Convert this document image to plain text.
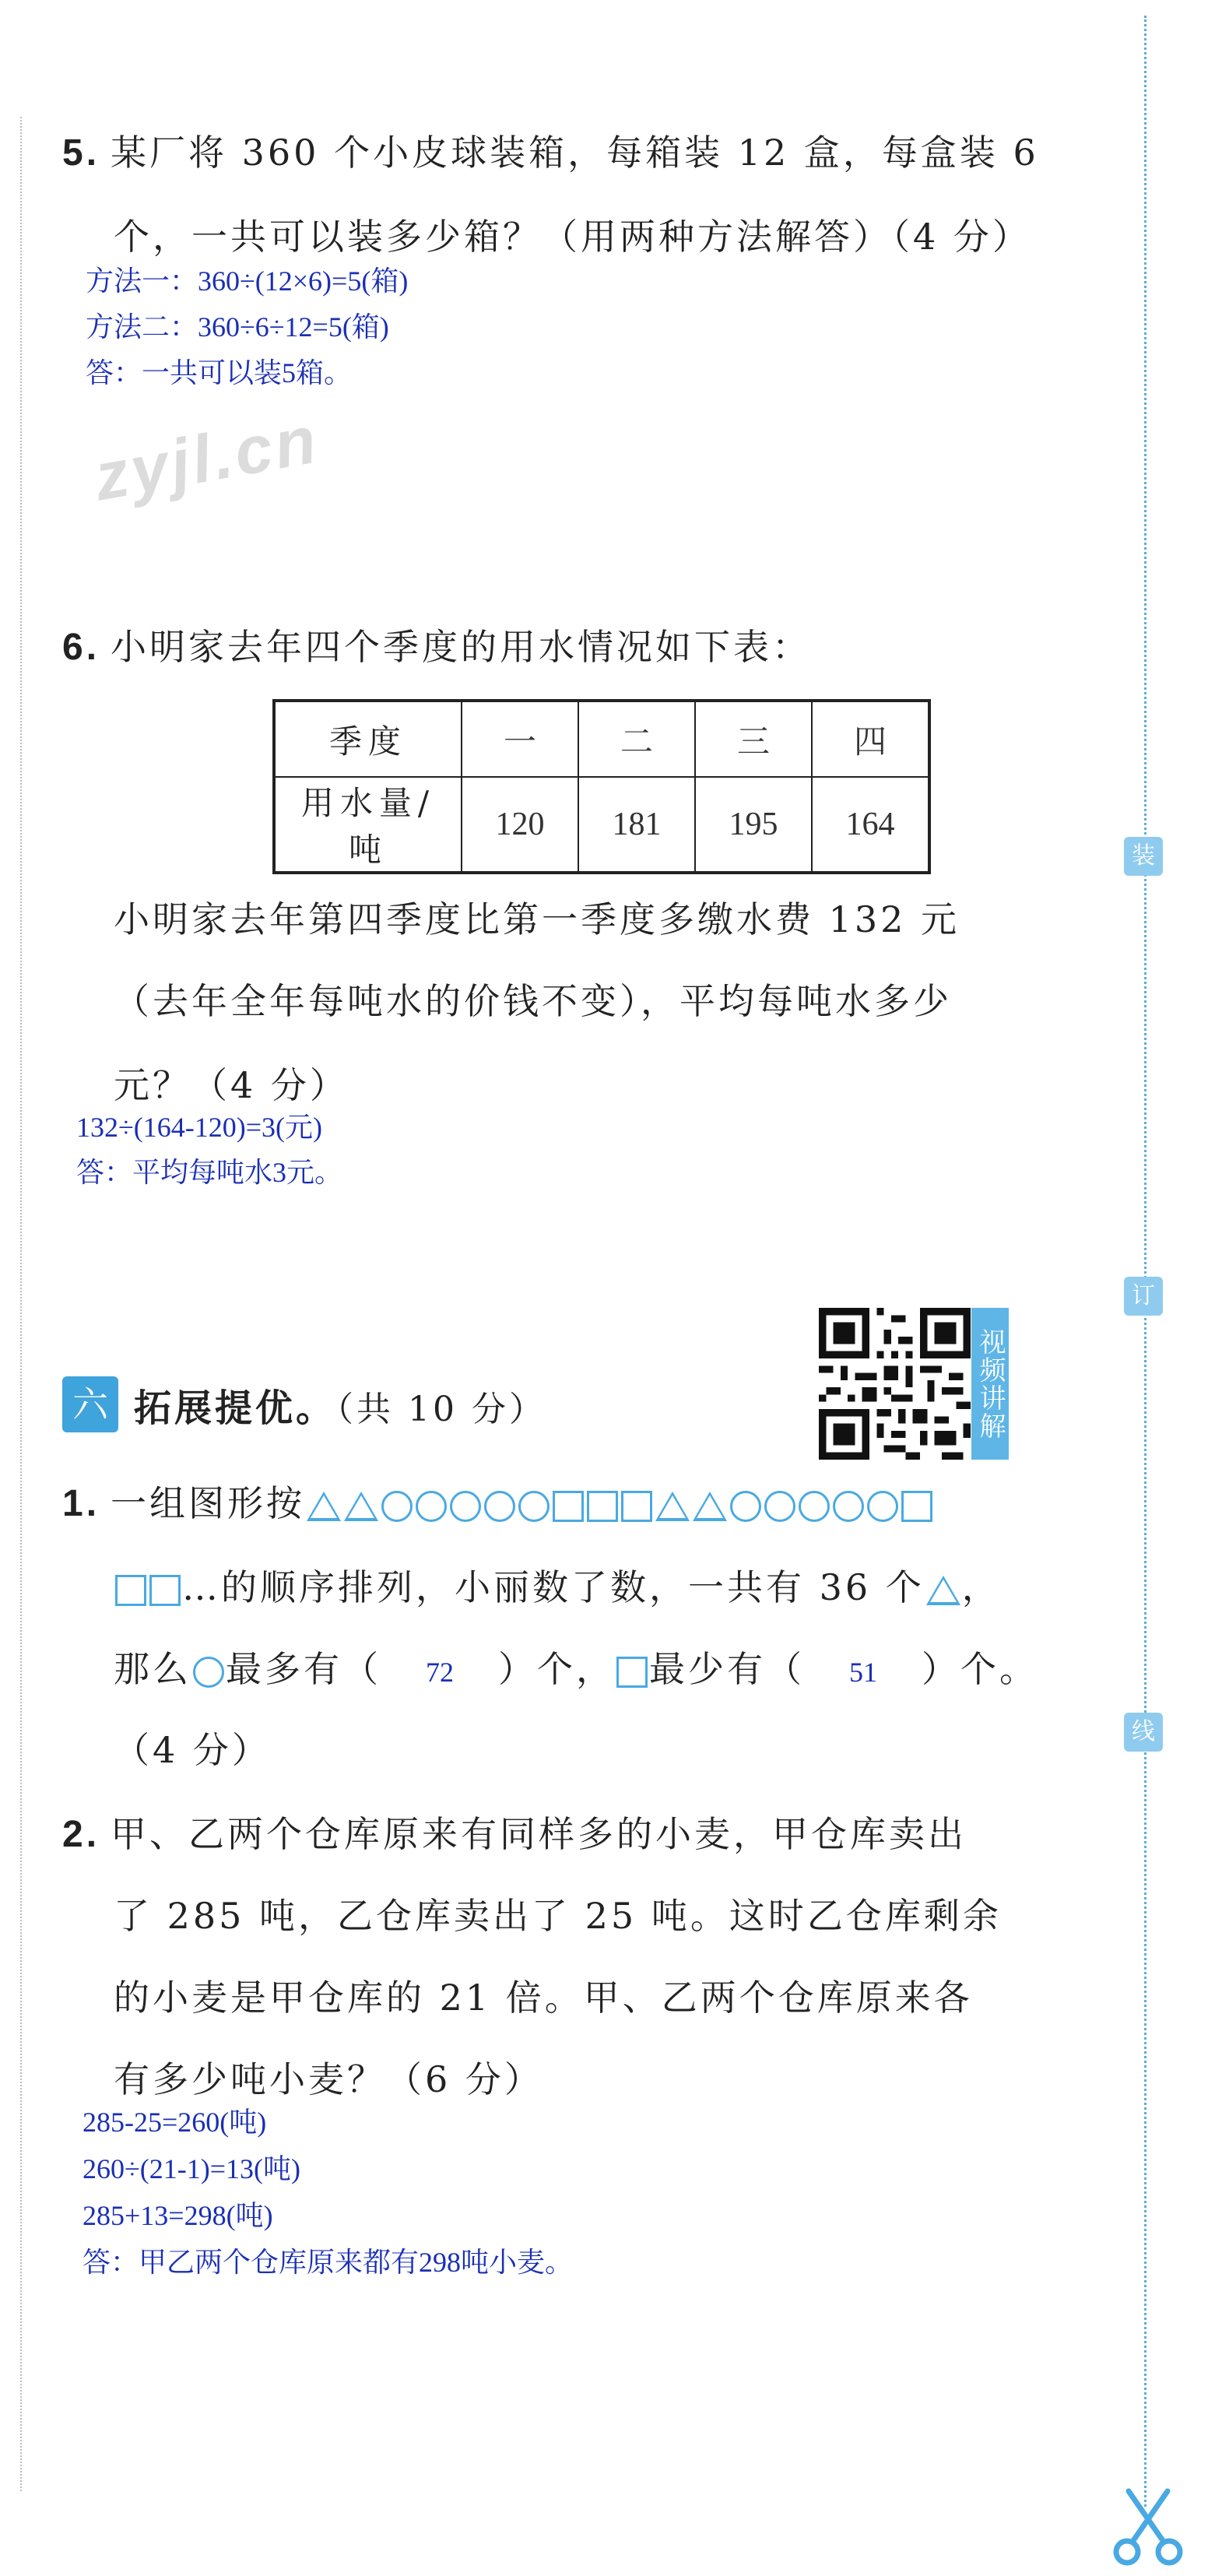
装
订
线
5. 某厂将 360 个小皮球装箱，每箱装 12 盒，每盒装 6
个，一共可以装多少箱？（用两种方法解答）（4 分）
方法一：360÷(12×6)=5(箱)
方法二：360÷6÷12=5(箱)
答：一共可以装5箱。
zyjl.cn
6. 小明家去年四个季度的用水情况如下表：
季度	一	二	三	四
用水量/吨	120	181	195	164
小明家去年第四季度比第一季度多缴水费 132 元
（去年全年每吨水的价钱不变），平均每吨水多少
元？（4 分）
132÷(164-120)=3(元)
答：平均每吨水3元。
六 拓展提优。（共 10 分）	视频讲解
1. 一组图形按
…的顺序排列，小丽数了数，一共有 36 个 ，
那么 最多有（ 72 ）个， 最少有（ 51 ）个。
（4 分）
2. 甲、乙两个仓库原来有同样多的小麦，甲仓库卖出
了 285 吨，乙仓库卖出了 25 吨。这时乙仓库剩余
的小麦是甲仓库的 21 倍。甲、乙两个仓库原来各
有多少吨小麦？（6 分）
285-25=260(吨)
260÷(21-1)=13(吨)
285+13=298(吨)
答：甲乙两个仓库原来都有298吨小麦。
